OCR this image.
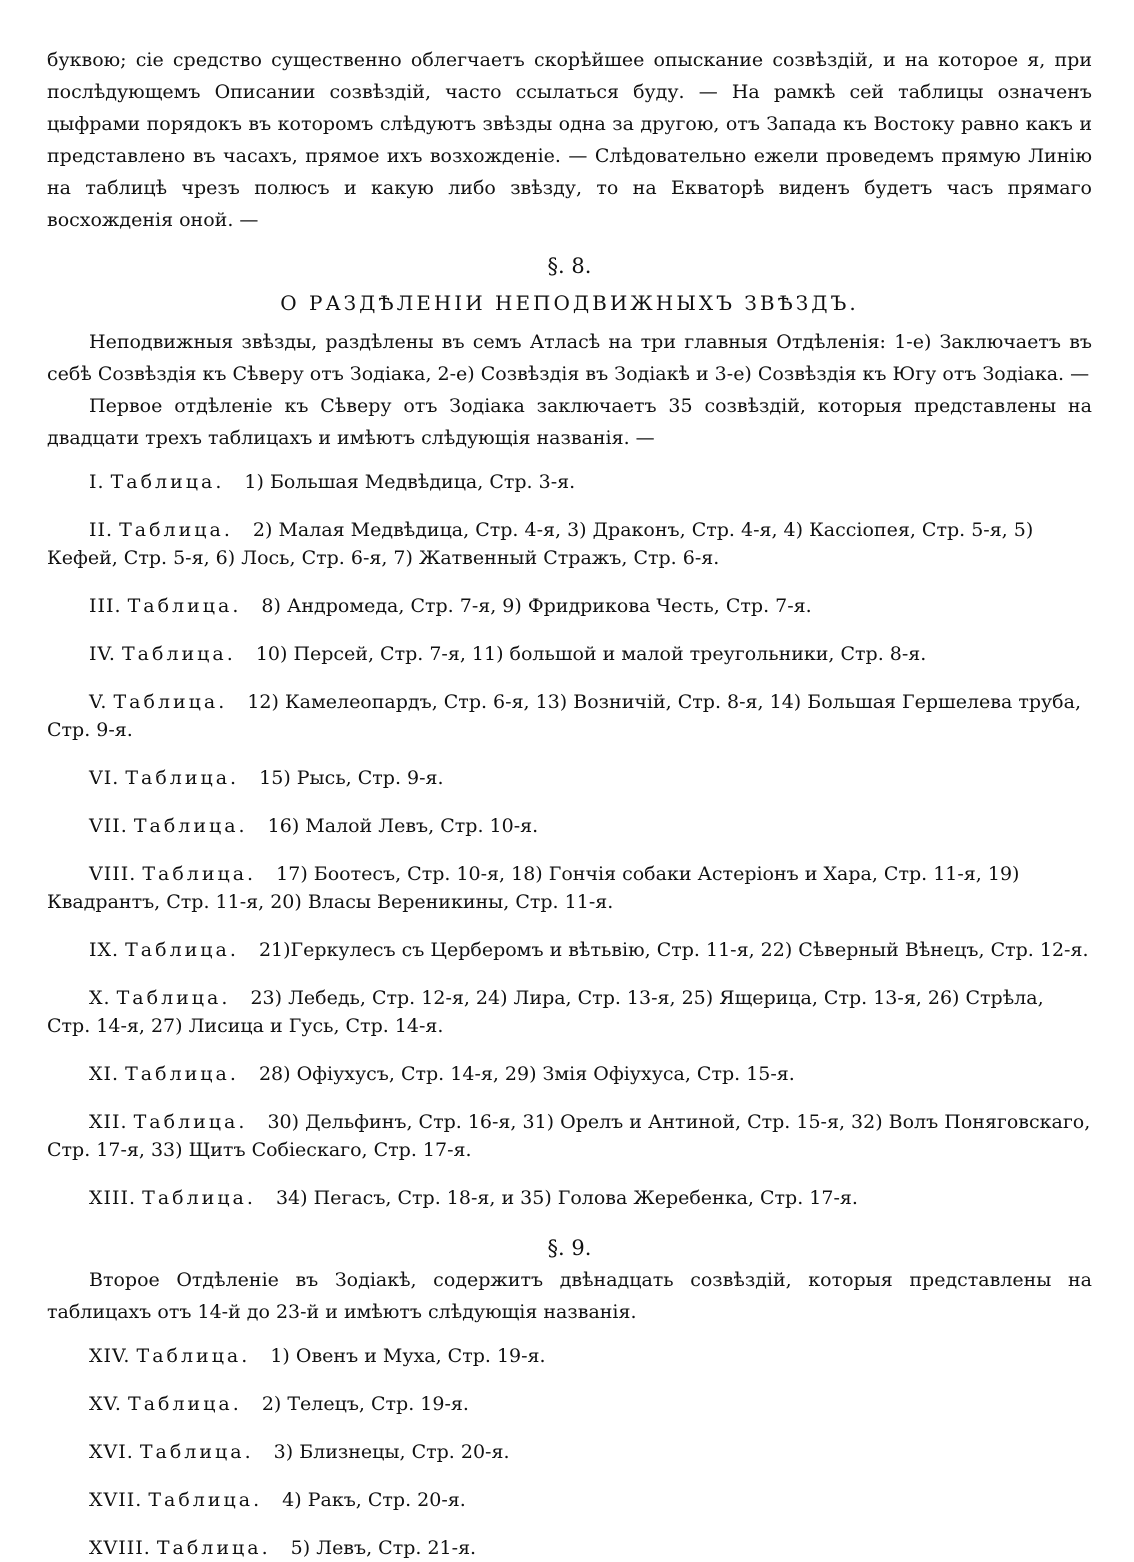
буквою; сіе средство существенно облегчаетъ скорѣйшее опыскание созвѣздій, и на которое я, при послѣдующемъ Описании созвѣздій, часто ссылаться буду. — На рамкѣ сей таблицы означенъ цыфрами порядокъ въ которомъ слѣдуютъ звѣзды одна за другою, отъ Запада къ Востоку равно какъ и представлено въ часахъ, прямое ихъ возхожденіе. — Слѣдовательно ежели проведемъ прямую Линію на таблицѣ чрезъ полюсъ и какую либо звѣзду, то на Екваторѣ виденъ будетъ часъ прямаго восхожденія оной. —

§. 8.
О РАЗДѢЛЕНІИ НЕПОДВИЖНЫХЪ ЗВѢЗДЪ.

Неподвижныя звѣзды, раздѣлены въ семъ Атласѣ на три главныя Отдѣленія: 1-е) Заключаетъ въ себѣ Созвѣздія къ Сѣверу отъ Зодіака, 2-е) Созвѣздія въ Зодіакѣ и 3-е) Созвѣздія къ Югу отъ Зодіака. —

Первое отдѣленіе къ Сѣверу отъ Зодіака заключаетъ 35 созвѣздій, которыя представлены на двадцати трехъ таблицахъ и имѣютъ слѣдующія названія. —

I. Таблица. 1) Большая Медвѣдица, Стр. 3-я.

II. Таблица. 2) Малая Медвѣдица, Стр. 4-я, 3) Драконъ, Стр. 4-я, 4) Кассіопея, Стр. 5-я, 5) Кефей, Стр. 5-я, 6) Лось, Стр. 6-я, 7) Жатвенный Стражъ, Стр. 6-я.

III. Таблица. 8) Андромеда, Стр. 7-я, 9) Фридрикова Честь, Стр. 7-я.

IV. Таблица. 10) Персей, Стр. 7-я, 11) большой и малой треугольники, Стр. 8-я.

V. Таблица. 12) Камелеопардъ, Стр. 6-я, 13) Возничій, Стр. 8-я, 14) Большая Гершелева труба, Стр. 9-я.

VI. Таблица. 15) Рысь, Стр. 9-я.

VII. Таблица. 16) Малой Левъ, Стр. 10-я.

VIII. Таблица. 17) Боотесъ, Стр. 10-я, 18) Гончія собаки Астеріонъ и Хара, Стр. 11-я, 19) Квадрантъ, Стр. 11-я, 20) Власы Вереникины, Стр. 11-я.

IX. Таблица. 21)Геркулесъ съ Церберомъ и вѣтьвію, Стр. 11-я, 22) Сѣверный Вѣнецъ, Стр. 12-я.

X. Таблица. 23) Лебедь, Стр. 12-я, 24) Лира, Стр. 13-я, 25) Ящерица, Стр. 13-я, 26) Стрѣла, Стр. 14-я, 27) Лисица и Гусь, Стр. 14-я.

XI. Таблица. 28) Офіухусъ, Стр. 14-я, 29) Змія Офіухуса, Стр. 15-я.

XII. Таблица. 30) Дельфинъ, Стр. 16-я, 31) Орелъ и Антиной, Стр. 15-я, 32) Волъ Поняговскаго, Стр. 17-я, 33) Щитъ Собіескаго, Стр. 17-я.

XIII. Таблица. 34) Пегасъ, Стр. 18-я, и 35) Голова Жеребенка, Стр. 17-я.

§. 9.

Второе Отдѣленіе въ Зодіакѣ, содержитъ двѣнадцать созвѣздій, которыя представлены на таблицахъ отъ 14-й до 23-й и имѣютъ слѣдующія названія.

XIV. Таблица. 1) Овенъ и Муха, Стр. 19-я.

XV. Таблица. 2) Телецъ, Стр. 19-я.

XVI. Таблица. 3) Близнецы, Стр. 20-я.

XVII. Таблица. 4) Ракъ, Стр. 20-я.

XVIII. Таблица. 5) Левъ, Стр. 21-я.
